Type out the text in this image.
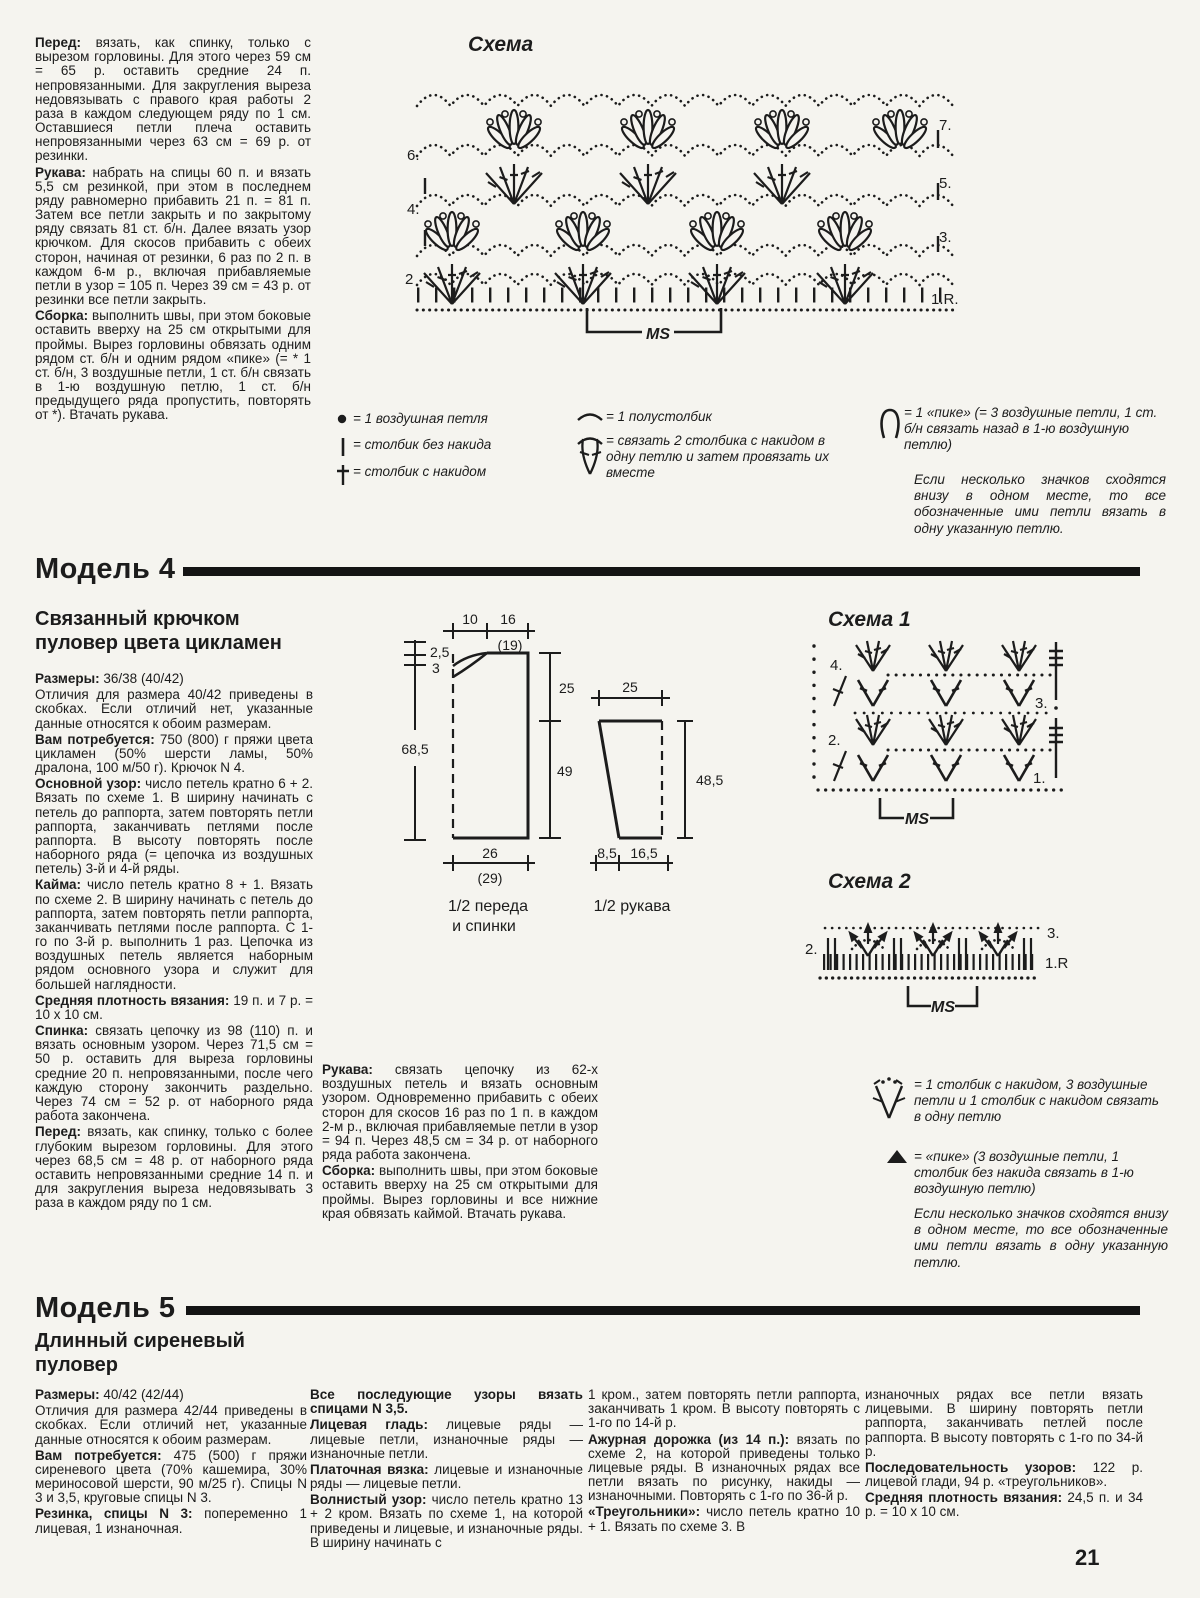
Перед: вязать, как спинку, только с вырезом горловины. Для этого через 59 см = 65 р. оставить средние 24 п. непровязанными. Для закругления выреза недовязывать с правого края работы 2 раза в каждом следующем ряду по 1 см. Оставшиеся петли плеча оставить непровязанными через 63 см = 69 р. от резинки.

Рукава: набрать на спицы 60 п. и вязать 5,5 см резинкой, при этом в последнем ряду равномерно прибавить 21 п. = 81 п. Затем все петли закрыть и по закрытому ряду связать 81 ст. б/н. Далее вязать узор крючком. Для скосов прибавить с обеих сторон, начиная от резинки, 6 раз по 2 п. в каждом 6-м р., включая прибавляемые петли в узор = 105 п. Через 39 см = 43 р. от резинки все петли закрыть.

Сборка: выполнить швы, при этом боковые оставить вверху на 25 см открытыми для проймы. Вырез горловины обвязать одним рядом ст. б/н и одним рядом «пике» (= * 1 ст. б/н, 3 воздушные петли, 1 ст. б/н связать в 1-ю воздушную петлю, 1 ст. б/н предыдущего ряда пропустить, повторять от *). Втачать рукава.

Схема
6.
4.
2
7.
5.
3.
1.R.
MS
= 1 воздушная петля
= столбик без накида
= столбик с накидом
= 1 полустолбик
= связать 2 столбика с накидом в одну петлю и затем провязать их вместе
= 1 «пике» (= 3 воздушные петли, 1 ст. б/н связать назад в 1-ю воздушную петлю)
Если несколько значков сходятся внизу в одном месте, то все обозначенные ими петли вязать в одну указанную петлю.
Модель 4
Связанный крючком пуловер цвета цикламен

Размеры: 36/38 (40/42)

Отличия для размера 40/42 приведены в скобках. Если отличий нет, указанные данные относятся к обоим размерам.

Вам потребуется: 750 (800) г пряжи цвета цикламен (50% шерсти ламы, 50% дралона, 100 м/50 г). Крючок N 4.

Основной узор: число петель кратно 6 + 2. Вязать по схеме 1. В ширину начинать с петель до раппорта, затем повторять петли раппорта, заканчивать петлями после раппорта. В высоту повторять после наборного ряда (= цепочка из воздушных петель) 3-й и 4-й ряды.

Кайма: число петель кратно 8 + 1. Вязать по схеме 2. В ширину начинать с петель до раппорта, затем повторять петли раппорта, заканчивать петлями после раппорта. С 1-го по 3-й р. выполнить 1 раз. Цепочка из воздушных петель является наборным рядом основного узора и служит для большей наглядности.

Средняя плотность вязания: 19 п. и 7 р. = 10 х 10 см.

Спинка: связать цепочку из 98 (110) п. и вязать основным узором. Через 71,5 см = 50 р. оставить для выреза горловины средние 20 п. непровязанными, после чего каждую сторону закончить раздельно. Через 74 см = 52 р. от наборного ряда работа закончена.

Перед: вязать, как спинку, только с более глубоким вырезом горловины. Для этого через 68,5 см = 48 р. от наборного ряда оставить непровязанными средние 14 п. и для закругления выреза недовязывать 3 раза в каждом ряду по 1 см.

10 16
(19)
2,5
3
68,5
25
49
26
(29)
25
48,5
8,5 16,5
1/2 переда
и спинки
1/2 рукава
Схема 1
4.
2.
3.
1.
MS
Схема 2
2.
3.
1.R
MS

Рукава: связать цепочку из 62-х воздушных петель и вязать основным узором. Одновременно прибавить с обеих сторон для скосов 16 раз по 1 п. в каждом 2-м р., включая прибавляемые петли в узор = 94 п. Через 48,5 см = 34 р. от наборного ряда работа закончена.

Сборка: выполнить швы, при этом боковые оставить вверху на 25 см открытыми для проймы. Вырез горловины и все нижние края обвязать каймой. Втачать рукава.

= 1 столбик с накидом, 3 воздушные петли и 1 столбик с накидом связать в одну петлю
= «пике» (3 воздушные петли, 1 столбик без накида связать в 1-ю воздушную петлю)
Если несколько значков сходятся внизу в одном месте, то все обозначенные ими петли вязать в одну указанную петлю.
Модель 5
Длинный сиреневый пуловер

Размеры: 40/42 (42/44)

Отличия для размера 42/44 приведены в скобках. Если отличий нет, указанные данные относятся к обоим размерам.

Вам потребуется: 475 (500) г пряжи сиреневого цвета (70% кашемира, 30% мериносовой шерсти, 90 м/25 г). Спицы N 3 и 3,5, круговые спицы N 3.

Резинка, спицы N 3: попеременно 1 лицевая, 1 изнаночная.

Все последующие узоры вязать спицами N 3,5.

Лицевая гладь: лицевые ряды — лицевые петли, изнаночные ряды — изнаночные петли.

Платочная вязка: лицевые и изнаночные ряды — лицевые петли.

Волнистый узор: число петель кратно 13 + 2 кром. Вязать по схеме 1, на которой приведены и лицевые, и изнаночные ряды. В ширину начинать с

1 кром., затем повторять петли раппорта, заканчивать 1 кром. В высоту повторять с 1-го по 14-й р.

Ажурная дорожка (из 14 п.): вязать по схеме 2, на которой приведены только лицевые ряды. В изнаночных рядах все петли вязать по рисунку, накиды — изнаночными. Повторять с 1-го по 36-й р.

«Треугольники»: число петель кратно 10 + 1. Вязать по схеме 3. В

изнаночных рядах все петли вязать лицевыми. В ширину повторять петли раппорта, заканчивать петлей после раппорта. В высоту повторять с 1-го по 34-й р.

Последовательность узоров: 122 р. лицевой глади, 94 р. «треугольников».

Средняя плотность вязания: 24,5 п. и 34 р. = 10 х 10 см.

21
